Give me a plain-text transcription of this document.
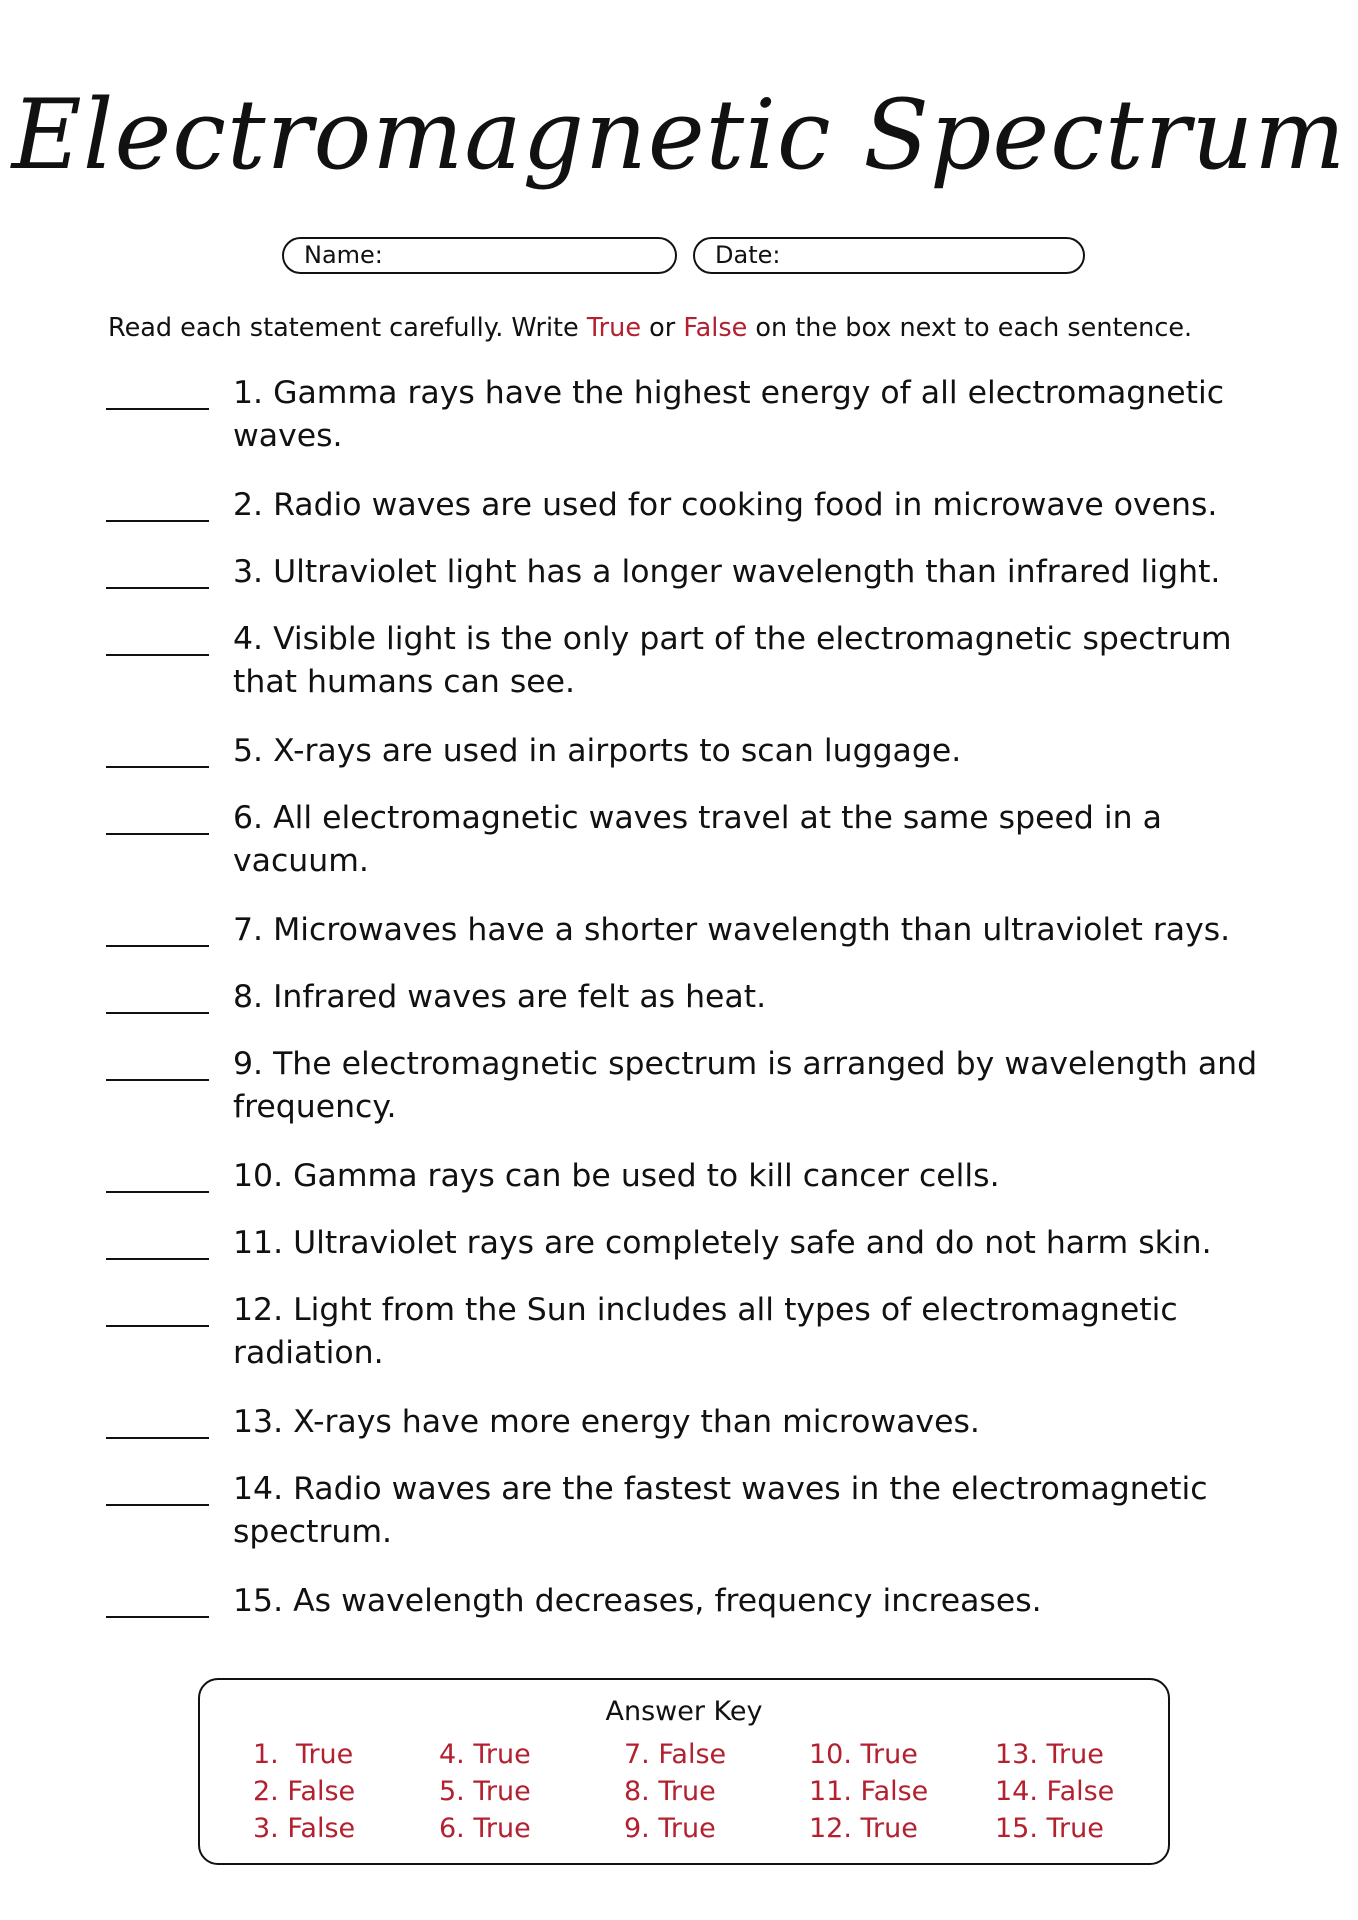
Electromagnetic Spectrum
Name:	Date:
Read each statement carefully. Write True or False on the box next to each sentence.
1. Gamma rays have the highest energy of all electromagnetic waves.
2. Radio waves are used for cooking food in microwave ovens.
3. Ultraviolet light has a longer wavelength than infrared light.
4. Visible light is the only part of the electromagnetic spectrum that humans can see.
5. X-rays are used in airports to scan luggage.
6. All electromagnetic waves travel at the same speed in a vacuum.
7. Microwaves have a shorter wavelength than ultraviolet rays.
8. Infrared waves are felt as heat.
9. The electromagnetic spectrum is arranged by wavelength and frequency.
10. Gamma rays can be used to kill cancer cells.
11. Ultraviolet rays are completely safe and do not harm skin.
12. Light from the Sun includes all types of electromagnetic radiation.
13. X-rays have more energy than microwaves.
14. Radio waves are the fastest waves in the electromagnetic spectrum.
15. As wavelength decreases, frequency increases.
Answer Key
1.  True
2. False
3. False
4. True
5. True
6. True
7. False
8. True
9. True
10. True
11. False
12. True
13. True
14. False
15. True
